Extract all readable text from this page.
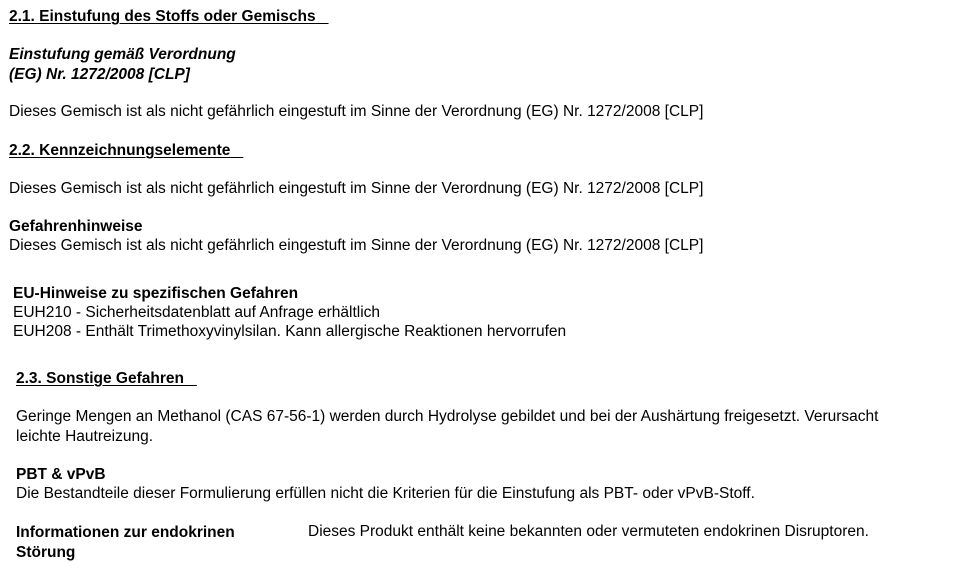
2.1. Einstufung des Stoffs oder Gemischs
Einstufung gemäß Verordnung
(EG) Nr. 1272/2008 [CLP]
Dieses Gemisch ist als nicht gefährlich eingestuft im Sinne der Verordnung (EG) Nr. 1272/2008 [CLP]
2.2. Kennzeichnungselemente
Dieses Gemisch ist als nicht gefährlich eingestuft im Sinne der Verordnung (EG) Nr. 1272/2008 [CLP]
Gefahrenhinweise
Dieses Gemisch ist als nicht gefährlich eingestuft im Sinne der Verordnung (EG) Nr. 1272/2008 [CLP]
EU-Hinweise zu spezifischen Gefahren
EUH210 - Sicherheitsdatenblatt auf Anfrage erhältlich
EUH208 - Enthält Trimethoxyvinylsilan. Kann allergische Reaktionen hervorrufen
2.3. Sonstige Gefahren
Geringe Mengen an Methanol (CAS 67-56-1) werden durch Hydrolyse gebildet und bei der Aushärtung freigesetzt. Verursacht
leichte Hautreizung.
PBT & vPvB
Die Bestandteile dieser Formulierung erfüllen nicht die Kriterien für die Einstufung als PBT- oder vPvB-Stoff.
Informationen zur endokrinen
Störung
Dieses Produkt enthält keine bekannten oder vermuteten endokrinen Disruptoren.
